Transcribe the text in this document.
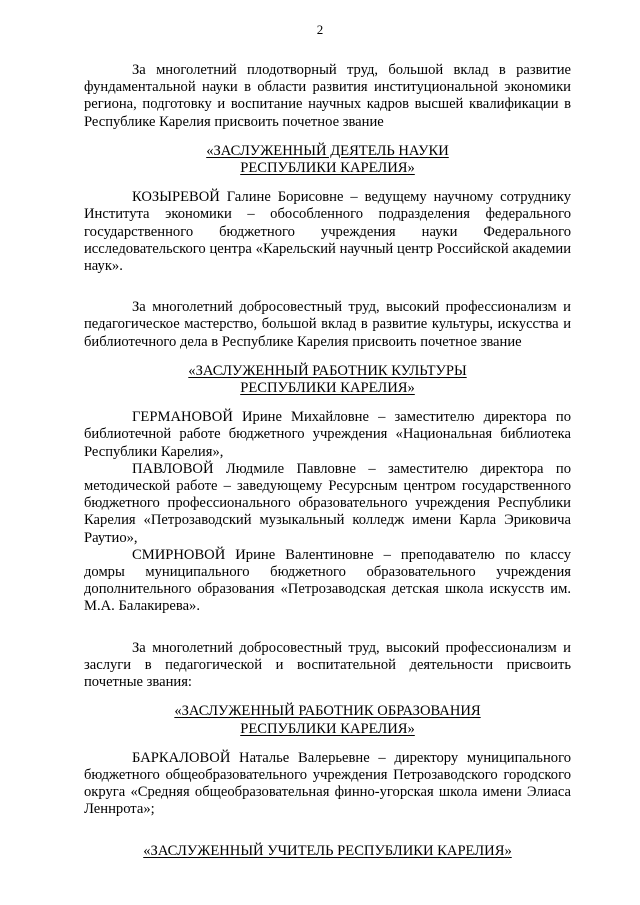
2

За многолетний плодотворный труд, большой вклад в развитие фундаментальной науки в области развития институциональной экономики региона, подготовку и воспитание научных кадров высшей квалификации в Республике Карелия присвоить почетное звание

«ЗАСЛУЖЕННЫЙ ДЕЯТЕЛЬ НАУКИ

РЕСПУБЛИКИ КАРЕЛИЯ»

КОЗЫРЕВОЙ Галине Борисовне – ведущему научному сотруднику Института экономики – обособленного подразделения федерального государственного бюджетного учреждения науки Федерального исследовательского центра «Карельский научный центр Российской академии наук».

За многолетний добросовестный труд, высокий профессионализм и педагогическое мастерство, большой вклад в развитие культуры, искусства и библиотечного дела в Республике Карелия присвоить почетное звание

«ЗАСЛУЖЕННЫЙ РАБОТНИК КУЛЬТУРЫ

РЕСПУБЛИКИ КАРЕЛИЯ»

ГЕРМАНОВОЙ Ирине Михайловне – заместителю директора по библиотечной работе бюджетного учреждения «Национальная библиотека Республики Карелия»,

ПАВЛОВОЙ Людмиле Павловне – заместителю директора по методической работе – заведующему Ресурсным центром государственного бюджетного профессионального образовательного учреждения Республики Карелия «Петрозаводский музыкальный колледж имени Карла Эриковича Раутио»,

СМИРНОВОЙ Ирине Валентиновне – преподавателю по классу домры муниципального бюджетного образовательного учреждения дополнительного образования «Петрозаводская детская школа искусств им. М.А. Балакирева».

За многолетний добросовестный труд, высокий профессионализм и заслуги в педагогической и воспитательной деятельности присвоить почетные звания:

«ЗАСЛУЖЕННЫЙ РАБОТНИК ОБРАЗОВАНИЯ

РЕСПУБЛИКИ КАРЕЛИЯ»

БАРКАЛОВОЙ Наталье Валерьевне – директору муниципального бюджетного общеобразовательного учреждения Петрозаводского городского округа «Средняя общеобразовательная финно-угорская школа имени Элиаса Леннрота»;

«ЗАСЛУЖЕННЫЙ УЧИТЕЛЬ РЕСПУБЛИКИ КАРЕЛИЯ»
